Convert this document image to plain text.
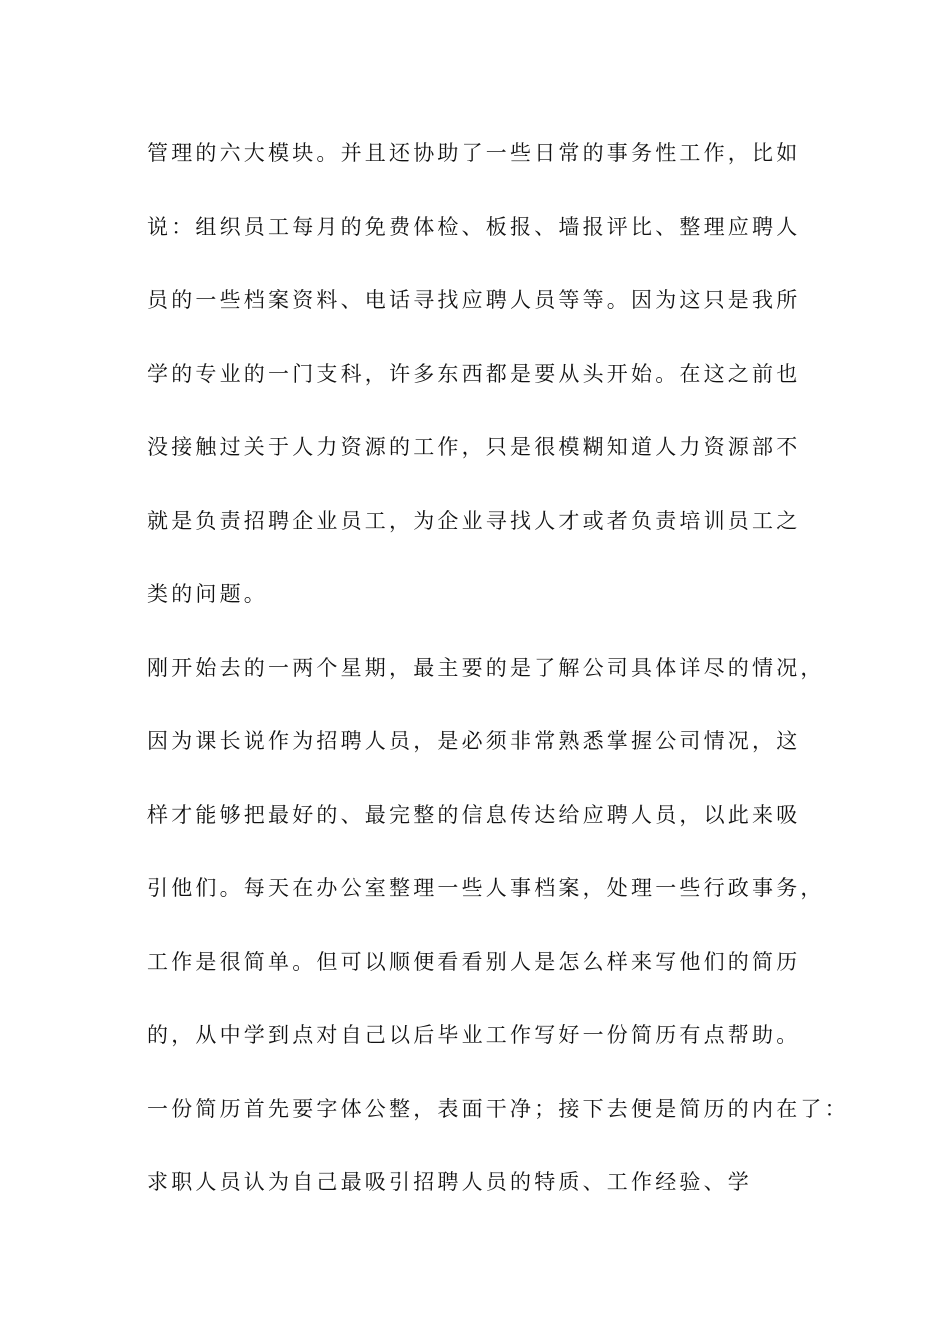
管理的六大模块。并且还协助了一些日常的事务性工作，比如
说：组织员工每月的免费体检、板报、墙报评比、整理应聘人
员的一些档案资料、电话寻找应聘人员等等。因为这只是我所
学的专业的一门支科，许多东西都是要从头开始。在这之前也
没接触过关于人力资源的工作，只是很模糊知道人力资源部不
就是负责招聘企业员工，为企业寻找人才或者负责培训员工之
类的问题。
刚开始去的一两个星期，最主要的是了解公司具体详尽的情况，
因为课长说作为招聘人员，是必须非常熟悉掌握公司情况，这
样才能够把最好的、最完整的信息传达给应聘人员，以此来吸
引他们。每天在办公室整理一些人事档案，处理一些行政事务，
工作是很简单。但可以顺便看看别人是怎么样来写他们的简历
的，从中学到点对自己以后毕业工作写好一份简历有点帮助。
一份简历首先要字体公整，表面干净；接下去便是简历的内在了：
求职人员认为自己最吸引招聘人员的特质、工作经验、学
